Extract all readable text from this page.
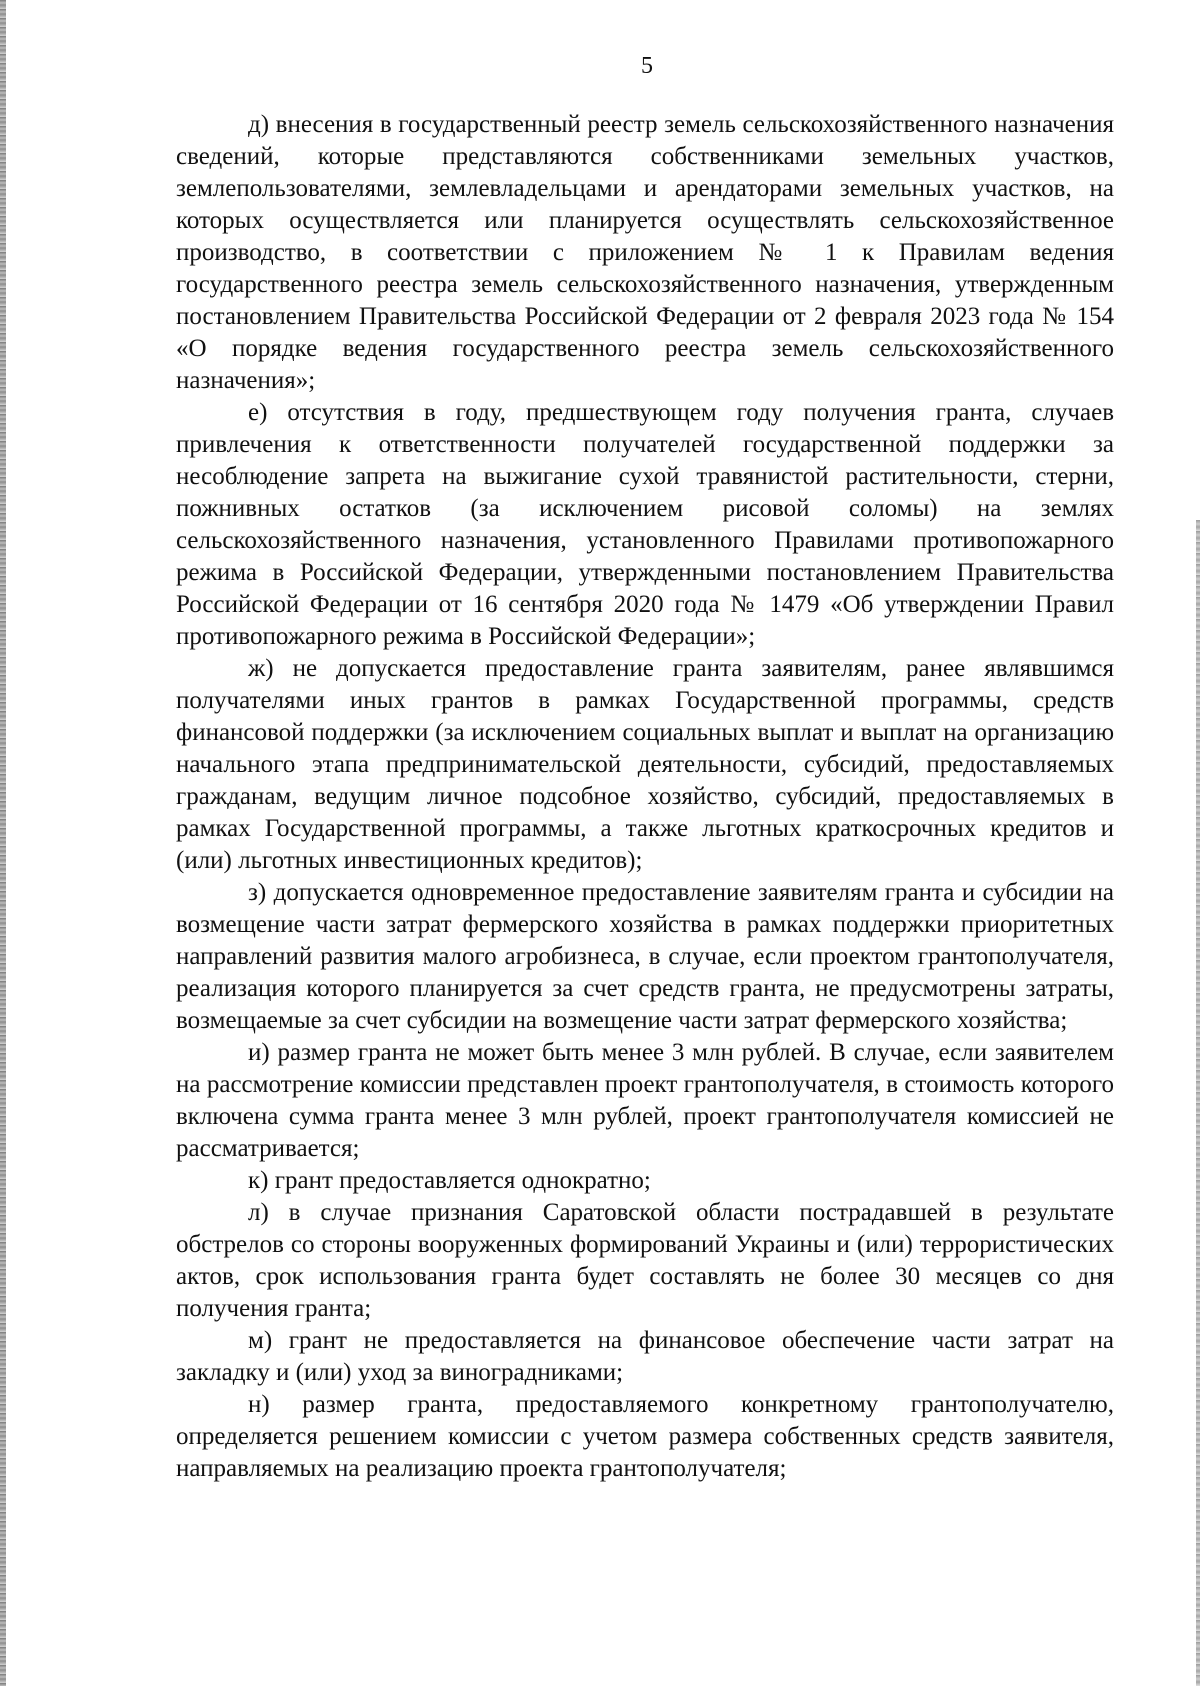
5

д) внесения в государственный реестр земель сельскохозяйственного назначения сведений, которые представляются собственниками земельных участков, землепользователями, землевладельцами и арендаторами земельных участков, на которых осуществляется или планируется осуществлять сельскохозяйственное производство, в соответствии с приложением № 1 к Правилам ведения государственного реестра земель сельскохозяйственного назначения, утвержденным постановлением Правительства Российской Федерации от 2 февраля 2023 года № 154 «О порядке ведения государственного реестра земель сельскохозяйственного назначения»;

е) отсутствия в году, предшествующем году получения гранта, случаев привлечения к ответственности получателей государственной поддержки за несоблюдение запрета на выжигание сухой травянистой растительности, стерни, пожнивных остатков (за исключением рисовой соломы) на землях сельскохозяйственного назначения, установленного Правилами противопожарного режима в Российской Федерации, утвержденными постановлением Правительства Российской Федерации от 16 сентября 2020 года № 1479 «Об утверждении Правил противопожарного режима в Российской Федерации»;

ж) не допускается предоставление гранта заявителям, ранее являвшимся получателями иных грантов в рамках Государственной программы, средств финансовой поддержки (за исключением социальных выплат и выплат на организацию начального этапа предпринимательской деятельности, субсидий, предоставляемых гражданам, ведущим личное подсобное хозяйство, субсидий, предоставляемых в рамках Государственной программы, а также льготных краткосрочных кредитов и (или) льготных инвестиционных кредитов);

з) допускается одновременное предоставление заявителям гранта и субсидии на возмещение части затрат фермерского хозяйства в рамках поддержки приоритетных направлений развития малого агробизнеса, в случае, если проектом грантополучателя, реализация которого планируется за счет средств гранта, не предусмотрены затраты, возмещаемые за счет субсидии на возмещение части затрат фермерского хозяйства;

и) размер гранта не может быть менее 3 млн рублей. В случае, если заявителем на рассмотрение комиссии представлен проект грантополучателя, в стоимость которого включена сумма гранта менее 3 млн рублей, проект грантополучателя комиссией не рассматривается;

к) грант предоставляется однократно;

л) в случае признания Саратовской области пострадавшей в результате обстрелов со стороны вооруженных формирований Украины и (или) террористических актов, срок использования гранта будет составлять не более 30 месяцев со дня получения гранта;

м) грант не предоставляется на финансовое обеспечение части затрат на закладку и (или) уход за виноградниками;

н) размер гранта, предоставляемого конкретному грантополучателю, определяется решением комиссии с учетом размера собственных средств заявителя, направляемых на реализацию проекта грантополучателя;
